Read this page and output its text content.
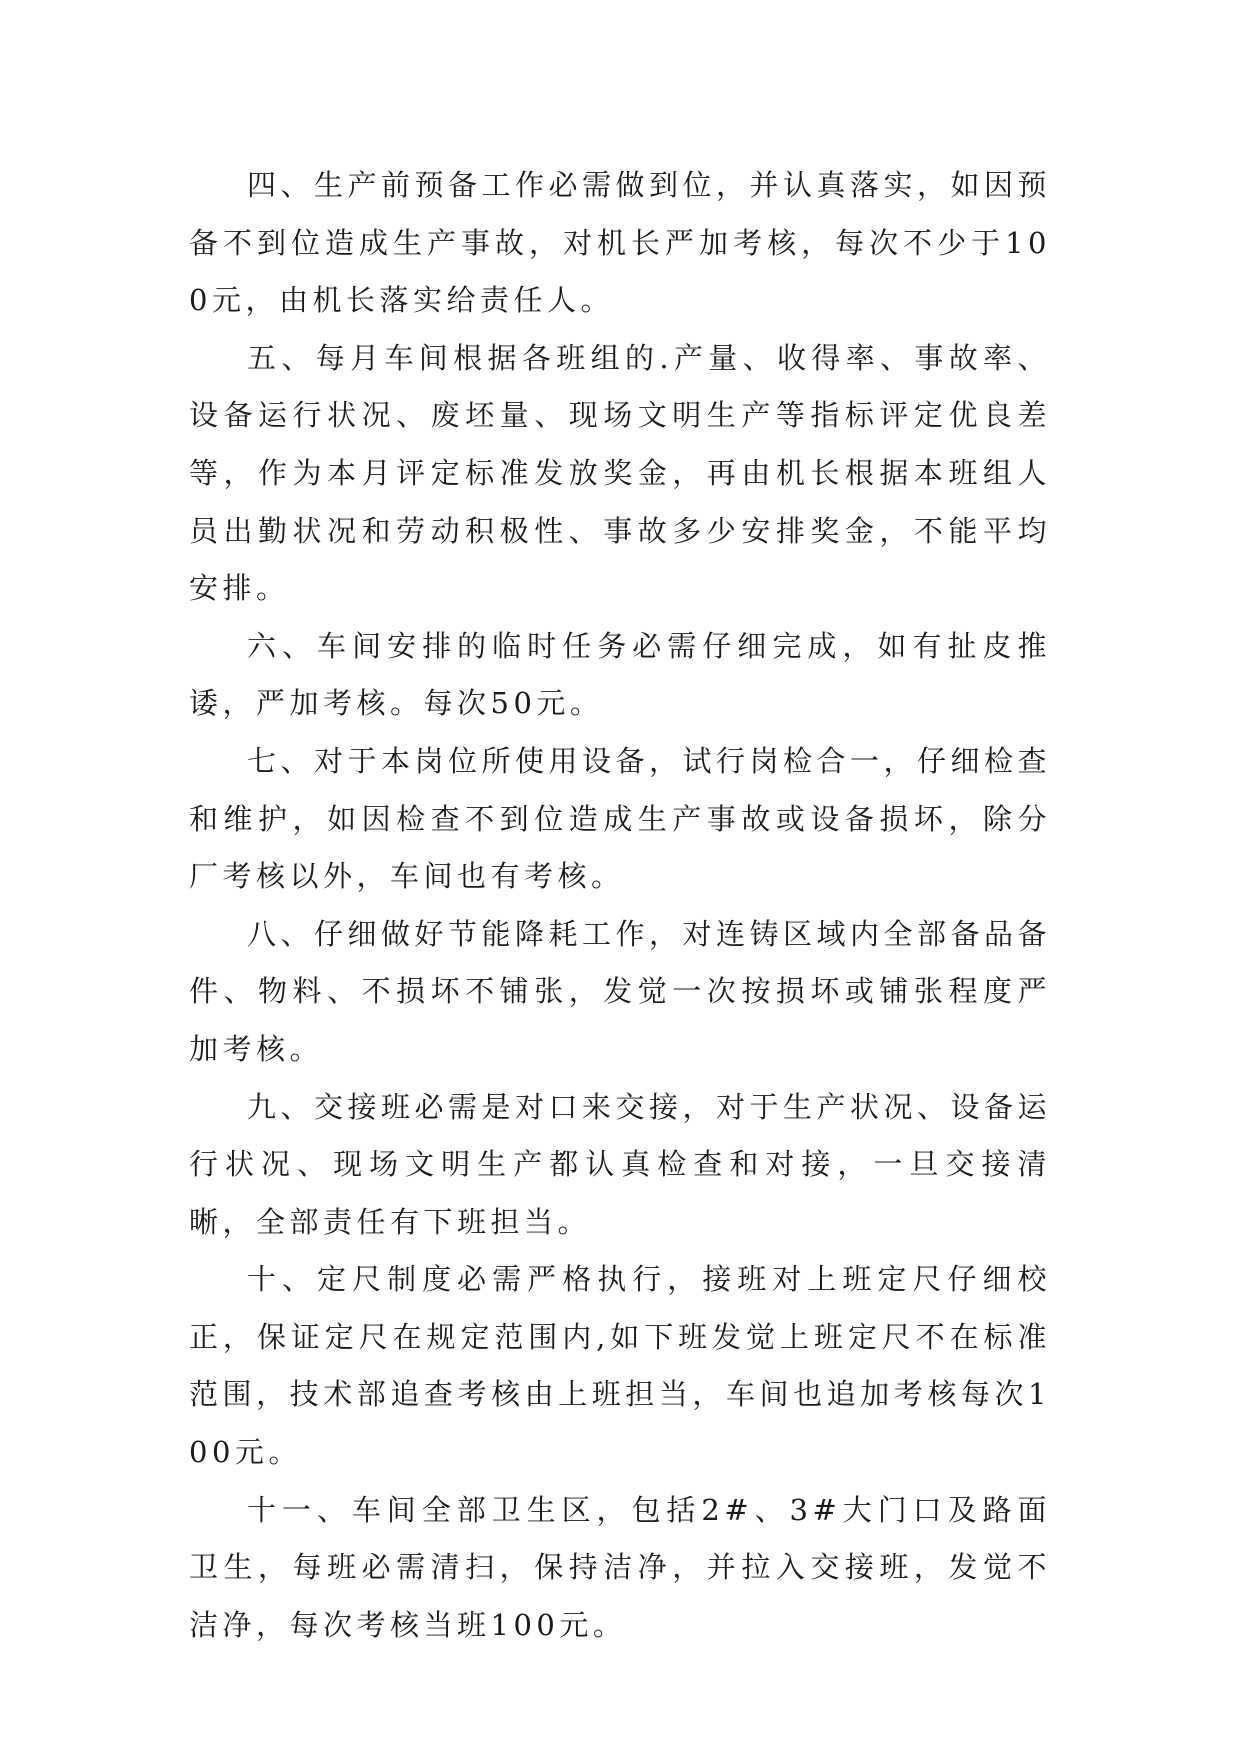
四、生产前预备工作必需做到位，并认真落实，如因预备不到位造成生产事故，对机长严加考核，每次不少于100元，由机长落实给责任人。

五、每月车间根据各班组的.产量、收得率、事故率、设备运行状况、废坯量、现场文明生产等指标评定优良差等，作为本月评定标准发放奖金，再由机长根据本班组人员出勤状况和劳动积极性、事故多少安排奖金，不能平均安排。

六、车间安排的临时任务必需仔细完成，如有扯皮推诿，严加考核。每次50元。

七、对于本岗位所使用设备，试行岗检合一，仔细检查和维护，如因检查不到位造成生产事故或设备损坏，除分厂考核以外，车间也有考核。

八、仔细做好节能降耗工作，对连铸区域内全部备品备件、物料、不损坏不铺张，发觉一次按损坏或铺张程度严加考核。

九、交接班必需是对口来交接，对于生产状况、设备运行状况、现场文明生产都认真检查和对接，一旦交接清晰，全部责任有下班担当。

十、定尺制度必需严格执行，接班对上班定尺仔细校正，保证定尺在规定范围内,如下班发觉上班定尺不在标准范围，技术部追查考核由上班担当，车间也追加考核每次100元。

十一、车间全部卫生区，包括2#、3#大门口及路面卫生，每班必需清扫，保持洁净，并拉入交接班，发觉不洁净，每次考核当班100元。
